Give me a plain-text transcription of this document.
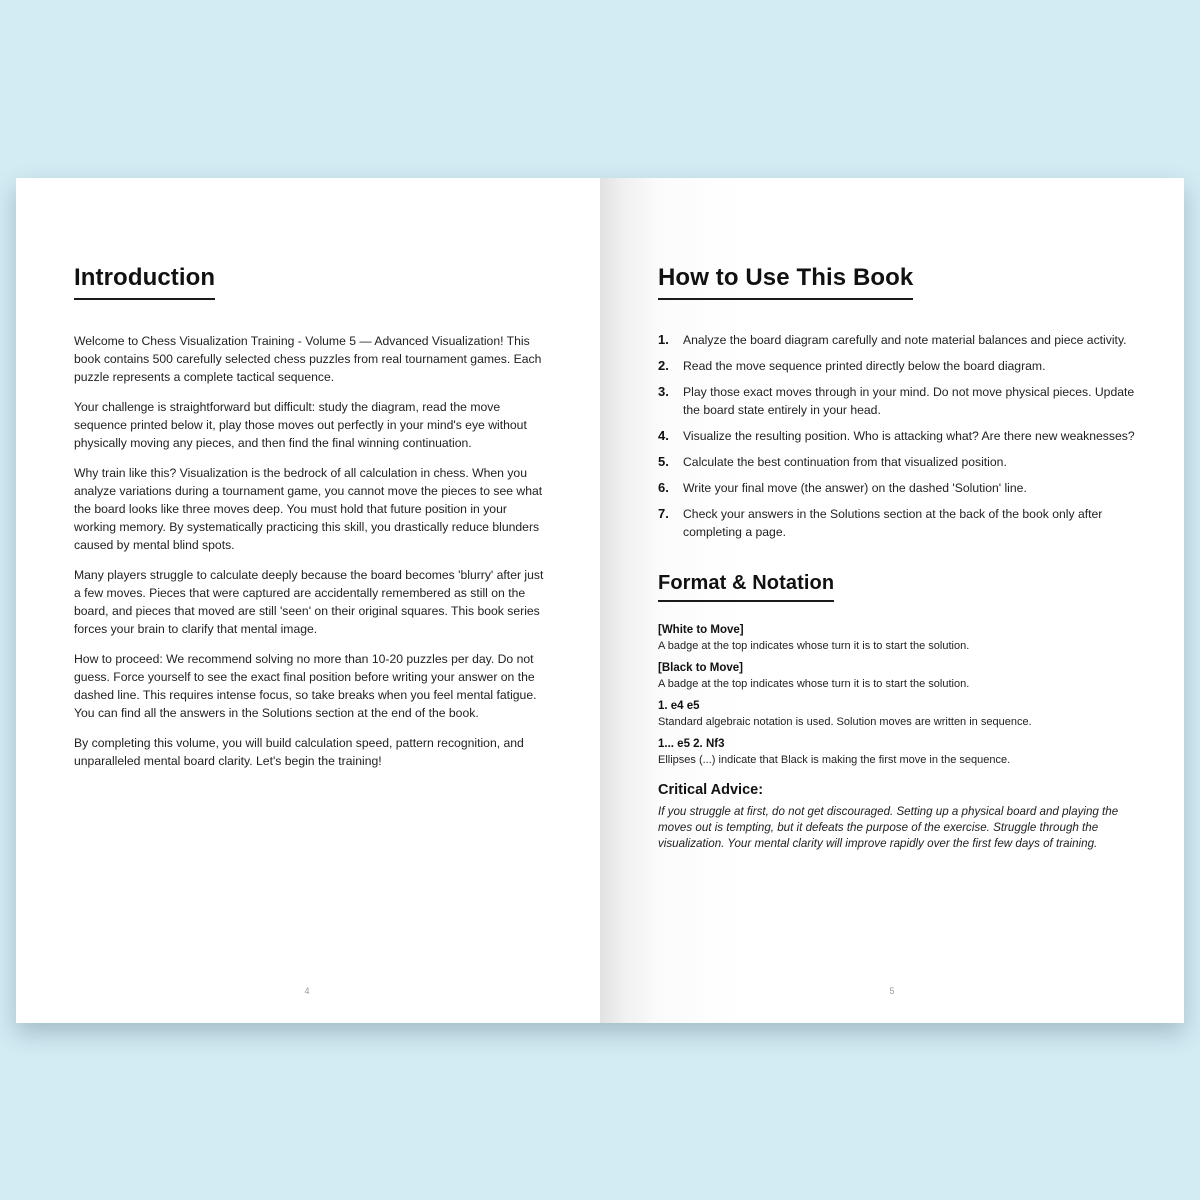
Introduction

Welcome to Chess Visualization Training - Volume 5 — Advanced Visualization! This book contains 500 carefully selected chess puzzles from real tournament games. Each puzzle represents a complete tactical sequence.

Your challenge is straightforward but difficult: study the diagram, read the move sequence printed below it, play those moves out perfectly in your mind's eye without physically moving any pieces, and then find the final winning continuation.

Why train like this? Visualization is the bedrock of all calculation in chess. When you analyze variations during a tournament game, you cannot move the pieces to see what the board looks like three moves deep. You must hold that future position in your working memory. By systematically practicing this skill, you drastically reduce blunders caused by mental blind spots.

Many players struggle to calculate deeply because the board becomes 'blurry' after just a few moves. Pieces that were captured are accidentally remembered as still on the board, and pieces that moved are still 'seen' on their original squares. This book series forces your brain to clarify that mental image.

How to proceed: We recommend solving no more than 10-20 puzzles per day. Do not guess. Force yourself to see the exact final position before writing your answer on the dashed line. This requires intense focus, so take breaks when you feel mental fatigue. You can find all the answers in the Solutions section at the end of the book.

By completing this volume, you will build calculation speed, pattern recognition, and unparalleled mental board clarity. Let's begin the training!

4
How to Use This Book
1.	Analyze the board diagram carefully and note material balances and piece activity.
2.	Read the move sequence printed directly below the board diagram.
3.	Play those exact moves through in your mind. Do not move physical pieces. Update the board state entirely in your head.
4.	Visualize the resulting position. Who is attacking what? Are there new weaknesses?
5.	Calculate the best continuation from that visualized position.
6.	Write your final move (the answer) on the dashed 'Solution' line.
7.	Check your answers in the Solutions section at the back of the book only after completing a page.
Format & Notation
[White to Move]
A badge at the top indicates whose turn it is to start the solution.
[Black to Move]
A badge at the top indicates whose turn it is to start the solution.
1. e4 e5
Standard algebraic notation is used. Solution moves are written in sequence.
1... e5 2. Nf3
Ellipses (...) indicate that Black is making the first move in the sequence.
Critical Advice:

If you struggle at first, do not get discouraged. Setting up a physical board and playing the moves out is tempting, but it defeats the purpose of the exercise. Struggle through the visualization. Your mental clarity will improve rapidly over the first few days of training.

5
